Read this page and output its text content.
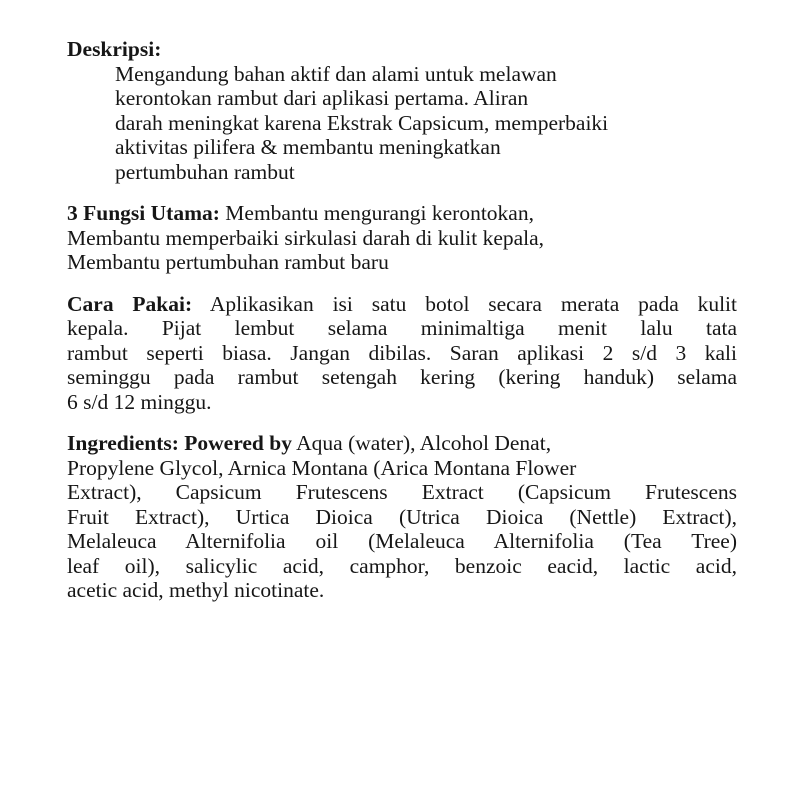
Deskripsi:
Mengandung bahan aktif dan alami untuk melawan
kerontokan rambut dari aplikasi pertama. Aliran
darah meningkat karena Ekstrak Capsicum, memperbaiki
aktivitas pilifera & membantu meningkatkan
pertumbuhan rambut
3 Fungsi Utama: Membantu mengurangi kerontokan,
Membantu memperbaiki sirkulasi darah di kulit kepala,
Membantu pertumbuhan rambut baru
Cara Pakai: Aplikasikan isi satu botol secara merata pada kulit
kepala. Pijat lembut selama minimaltiga menit lalu tata
rambut seperti biasa. Jangan dibilas. Saran aplikasi 2 s/d 3 kali
seminggu pada rambut setengah kering (kering handuk) selama
6 s/d 12 minggu.
Ingredients: Powered by Aqua (water), Alcohol Denat,
Propylene Glycol, Arnica Montana (Arica Montana Flower
Extract), Capsicum Frutescens Extract (Capsicum Frutescens
Fruit Extract), Urtica Dioica (Utrica Dioica (Nettle) Extract),
Melaleuca Alternifolia oil (Melaleuca Alternifolia (Tea Tree)
leaf oil), salicylic acid, camphor, benzoic eacid, lactic acid,
acetic acid, methyl nicotinate.
